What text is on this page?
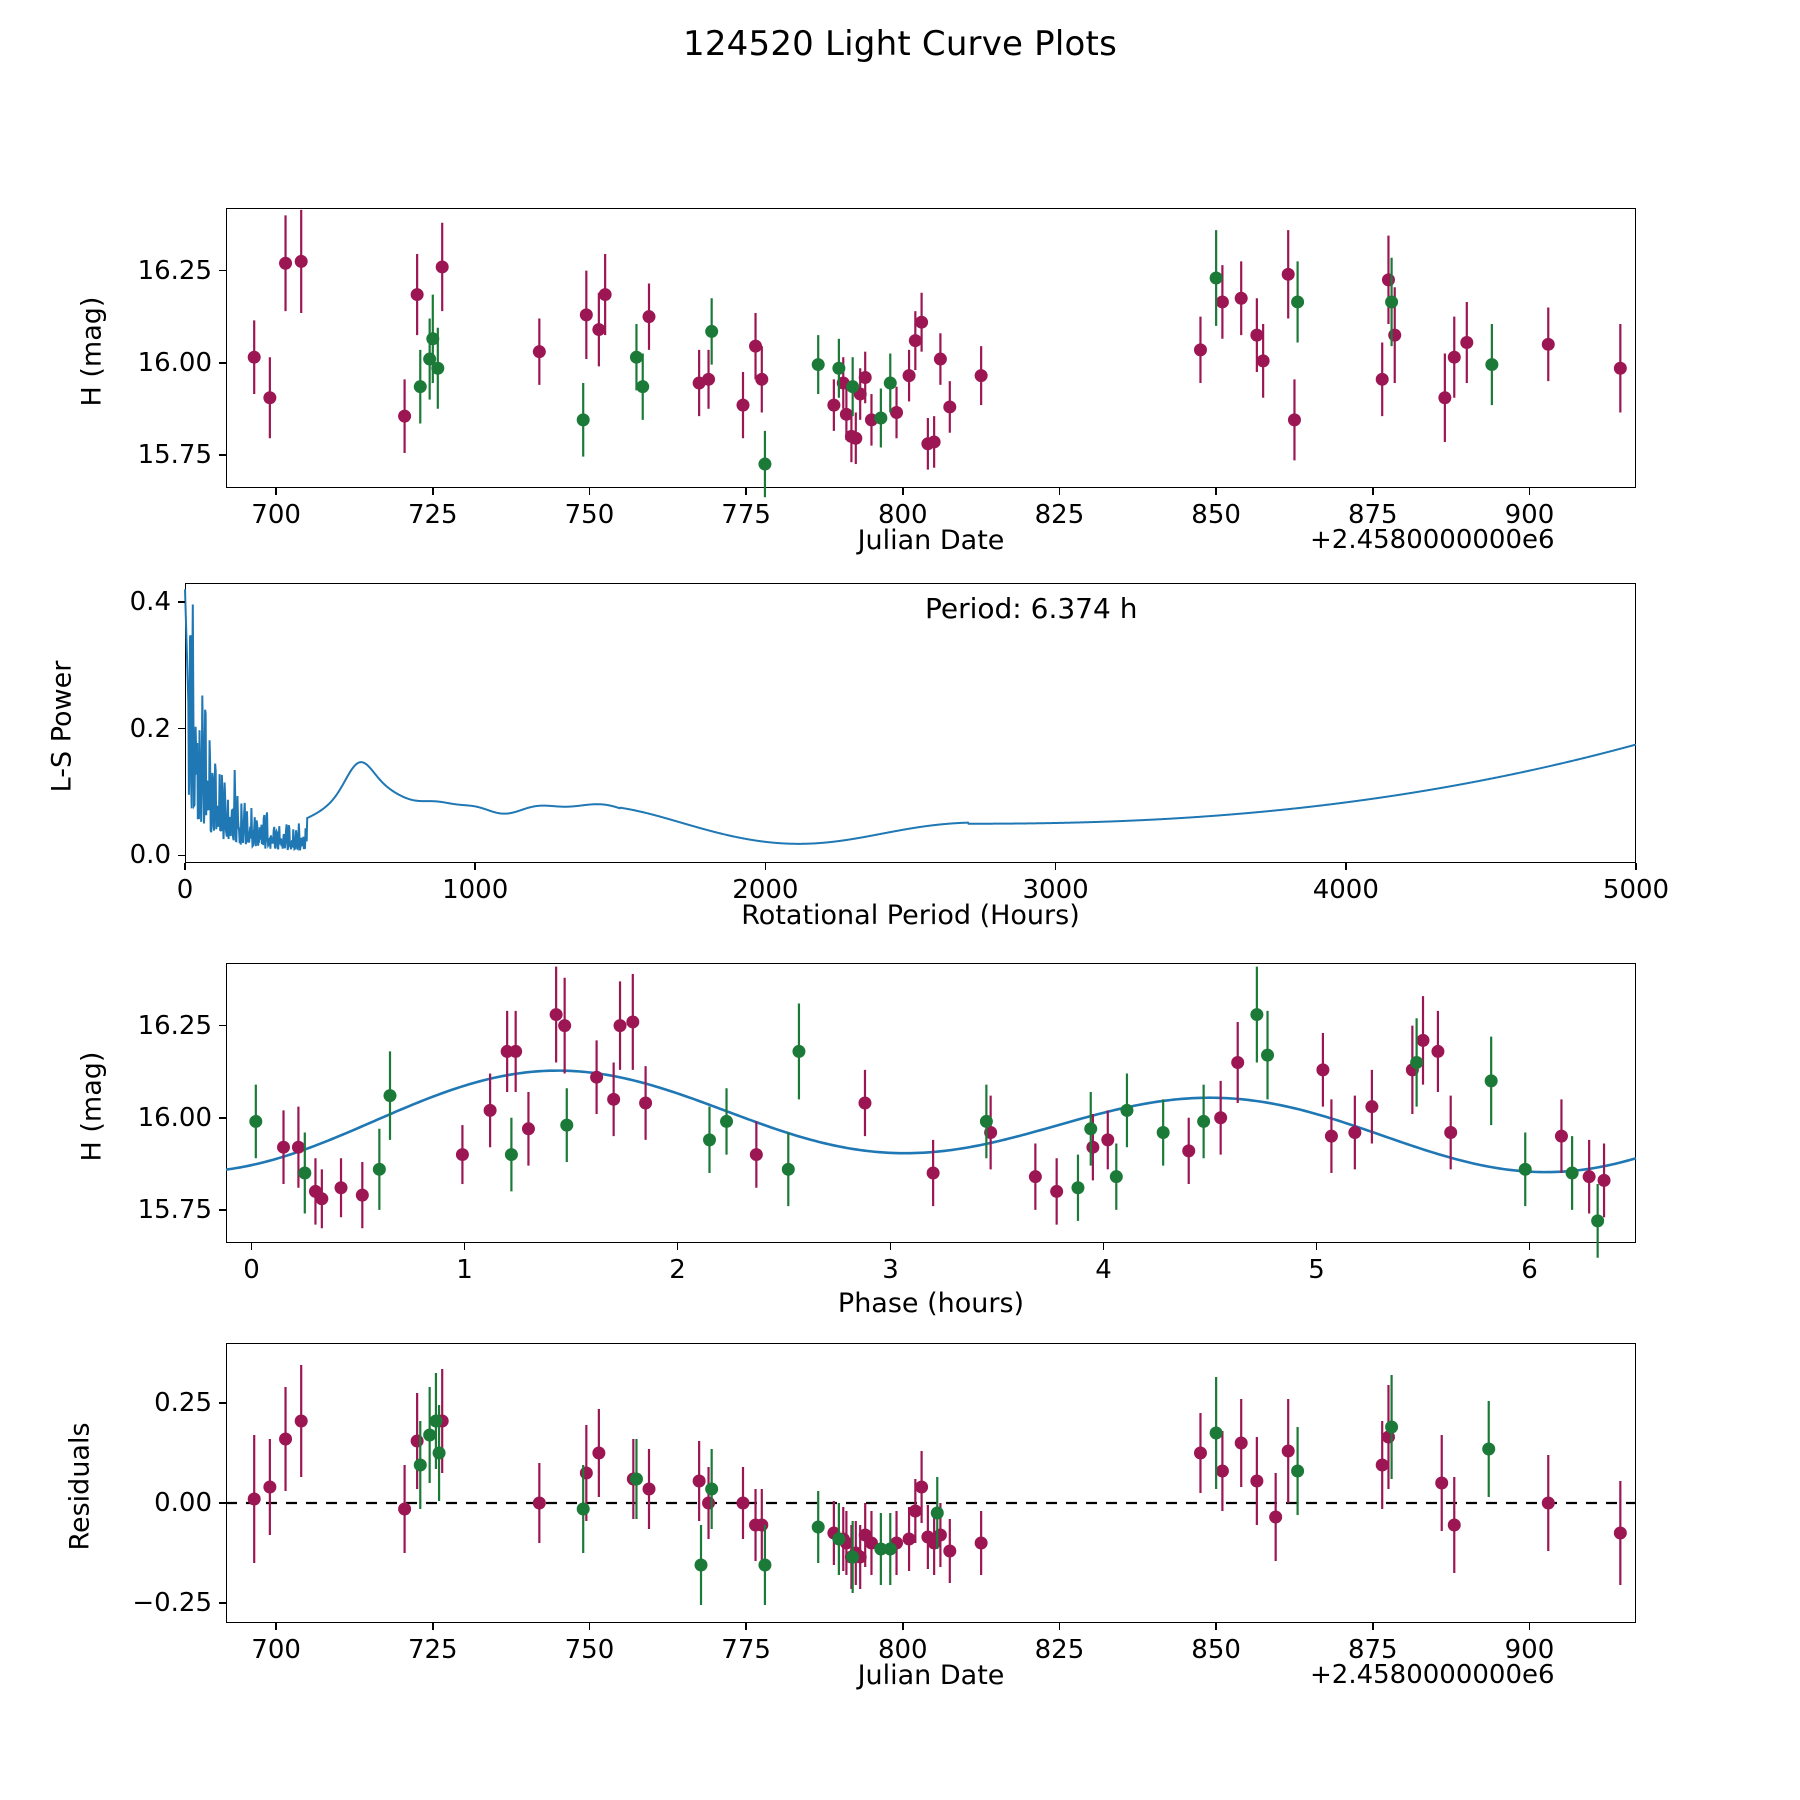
124520 Light Curve Plots
H (mag)
Julian Date	+2.4580000000e6
L-S Power
Rotational Period (Hours)
Period: 6.374 h
H (mag)
Phase (hours)
Residuals
Julian Date	+2.4580000000e6
700	725	750	775	800	825	850	875	900
15.75
16.00
16.25
0	1000	2000	3000	4000	5000
0.0
0.2
0.4
0	1	2	3	4	5	6
15.75
16.00
16.25
700	725	750	775	800	825	850	875	900
−0.25
0.00
0.25
